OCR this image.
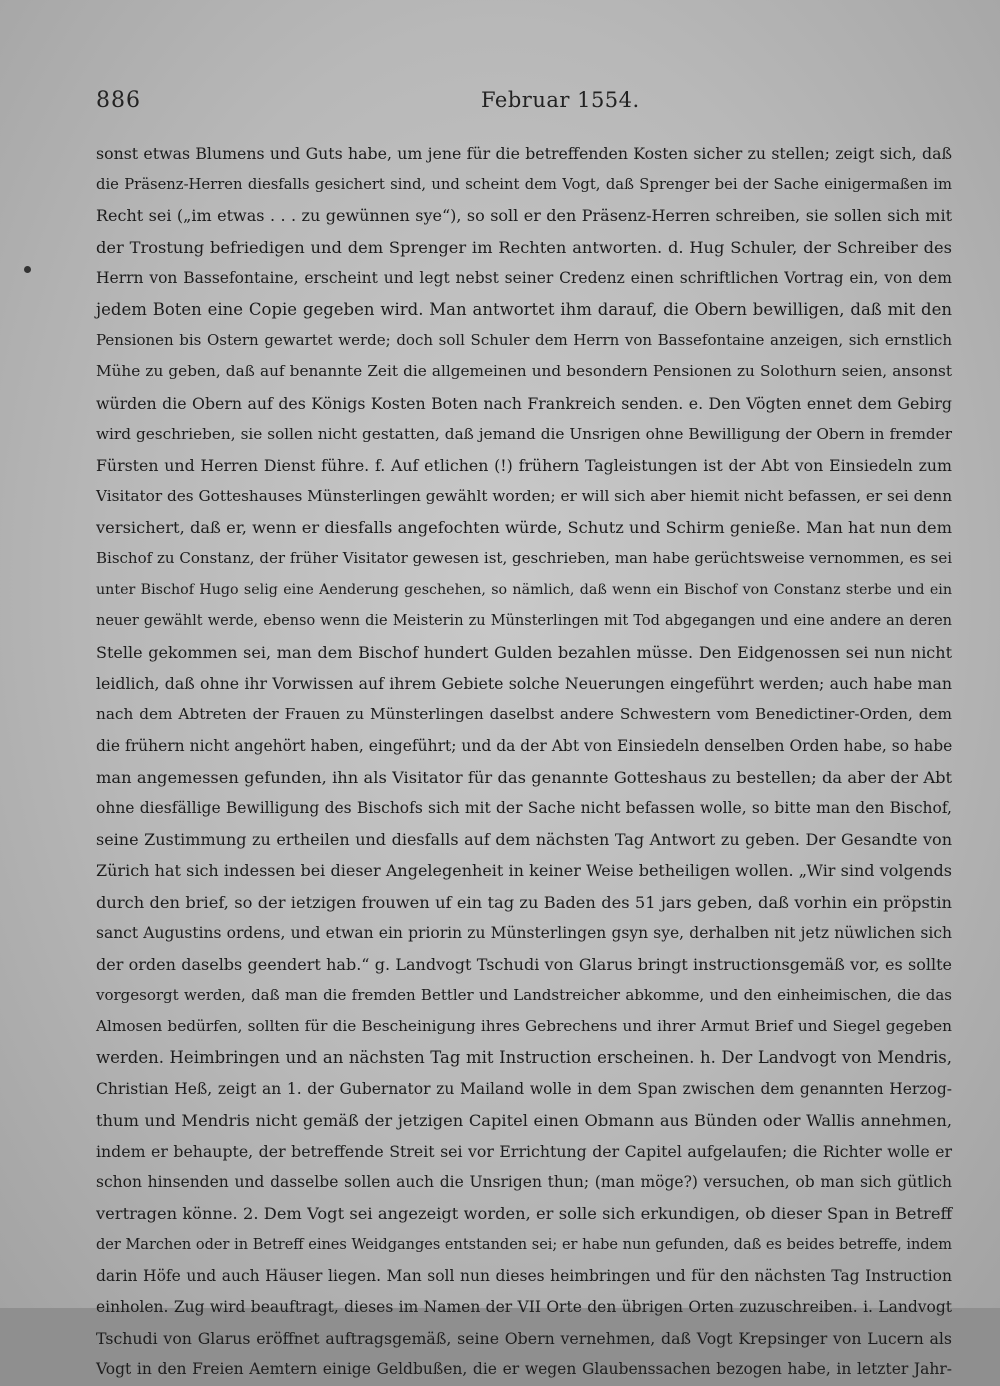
886	Februar 1554.
sonst etwas Blumens und Guts habe, um jene für die betreffenden Kosten sicher zu stellen; zeigt sich, daß
die Präsenz-Herren diesfalls gesichert sind, und scheint dem Vogt, daß Sprenger bei der Sache einigermaßen im
Recht sei („im etwas . . . zu gewünnen sye“), so soll er den Präsenz-Herren schreiben, sie sollen sich mit
der Trostung befriedigen und dem Sprenger im Rechten antworten. d. Hug Schuler, der Schreiber des
Herrn von Bassefontaine, erscheint und legt nebst seiner Credenz einen schriftlichen Vortrag ein, von dem
jedem Boten eine Copie gegeben wird. Man antwortet ihm darauf, die Obern bewilligen, daß mit den
Pensionen bis Ostern gewartet werde; doch soll Schuler dem Herrn von Bassefontaine anzeigen, sich ernstlich
Mühe zu geben, daß auf benannte Zeit die allgemeinen und besondern Pensionen zu Solothurn seien, ansonst
würden die Obern auf des Königs Kosten Boten nach Frankreich senden. e. Den Vögten ennet dem Gebirg
wird geschrieben, sie sollen nicht gestatten, daß jemand die Unsrigen ohne Bewilligung der Obern in fremder
Fürsten und Herren Dienst führe. f. Auf etlichen (!) frühern Tagleistungen ist der Abt von Einsiedeln zum
Visitator des Gotteshauses Münsterlingen gewählt worden; er will sich aber hiemit nicht befassen, er sei denn
versichert, daß er, wenn er diesfalls angefochten würde, Schutz und Schirm genieße. Man hat nun dem
Bischof zu Constanz, der früher Visitator gewesen ist, geschrieben, man habe gerüchtsweise vernommen, es sei
unter Bischof Hugo selig eine Aenderung geschehen, so nämlich, daß wenn ein Bischof von Constanz sterbe und ein
neuer gewählt werde, ebenso wenn die Meisterin zu Münsterlingen mit Tod abgegangen und eine andere an deren
Stelle gekommen sei, man dem Bischof hundert Gulden bezahlen müsse. Den Eidgenossen sei nun nicht
leidlich, daß ohne ihr Vorwissen auf ihrem Gebiete solche Neuerungen eingeführt werden; auch habe man
nach dem Abtreten der Frauen zu Münsterlingen daselbst andere Schwestern vom Benedictiner-Orden, dem
die frühern nicht angehört haben, eingeführt; und da der Abt von Einsiedeln denselben Orden habe, so habe
man angemessen gefunden, ihn als Visitator für das genannte Gotteshaus zu bestellen; da aber der Abt
ohne diesfällige Bewilligung des Bischofs sich mit der Sache nicht befassen wolle, so bitte man den Bischof,
seine Zustimmung zu ertheilen und diesfalls auf dem nächsten Tag Antwort zu geben. Der Gesandte von
Zürich hat sich indessen bei dieser Angelegenheit in keiner Weise betheiligen wollen. „Wir sind volgends
durch den brief, so der ietzigen frouwen uf ein tag zu Baden des 51 jars geben, daß vorhin ein pröpstin
sanct Augustins ordens, und etwan ein priorin zu Münsterlingen gsyn sye, derhalben nit jetz nüwlichen sich
der orden daselbs geendert hab.“ g. Landvogt Tschudi von Glarus bringt instructionsgemäß vor, es sollte
vorgesorgt werden, daß man die fremden Bettler und Landstreicher abkomme, und den einheimischen, die das
Almosen bedürfen, sollten für die Bescheinigung ihres Gebrechens und ihrer Armut Brief und Siegel gegeben
werden. Heimbringen und an nächsten Tag mit Instruction erscheinen. h. Der Landvogt von Mendris,
Christian Heß, zeigt an 1. der Gubernator zu Mailand wolle in dem Span zwischen dem genannten Herzog-
thum und Mendris nicht gemäß der jetzigen Capitel einen Obmann aus Bünden oder Wallis annehmen,
indem er behaupte, der betreffende Streit sei vor Errichtung der Capitel aufgelaufen; die Richter wolle er
schon hinsenden und dasselbe sollen auch die Unsrigen thun; (man möge?) versuchen, ob man sich gütlich
vertragen könne. 2. Dem Vogt sei angezeigt worden, er solle sich erkundigen, ob dieser Span in Betreff
der Marchen oder in Betreff eines Weidganges entstanden sei; er habe nun gefunden, daß es beides betreffe, indem
darin Höfe und auch Häuser liegen. Man soll nun dieses heimbringen und für den nächsten Tag Instruction
einholen. Zug wird beauftragt, dieses im Namen der VII Orte den übrigen Orten zuzuschreiben. i. Landvogt
Tschudi von Glarus eröffnet auftragsgemäß, seine Obern vernehmen, daß Vogt Krepsinger von Lucern als
Vogt in den Freien Aemtern einige Geldbußen, die er wegen Glaubenssachen bezogen habe, in letzter Jahr-
